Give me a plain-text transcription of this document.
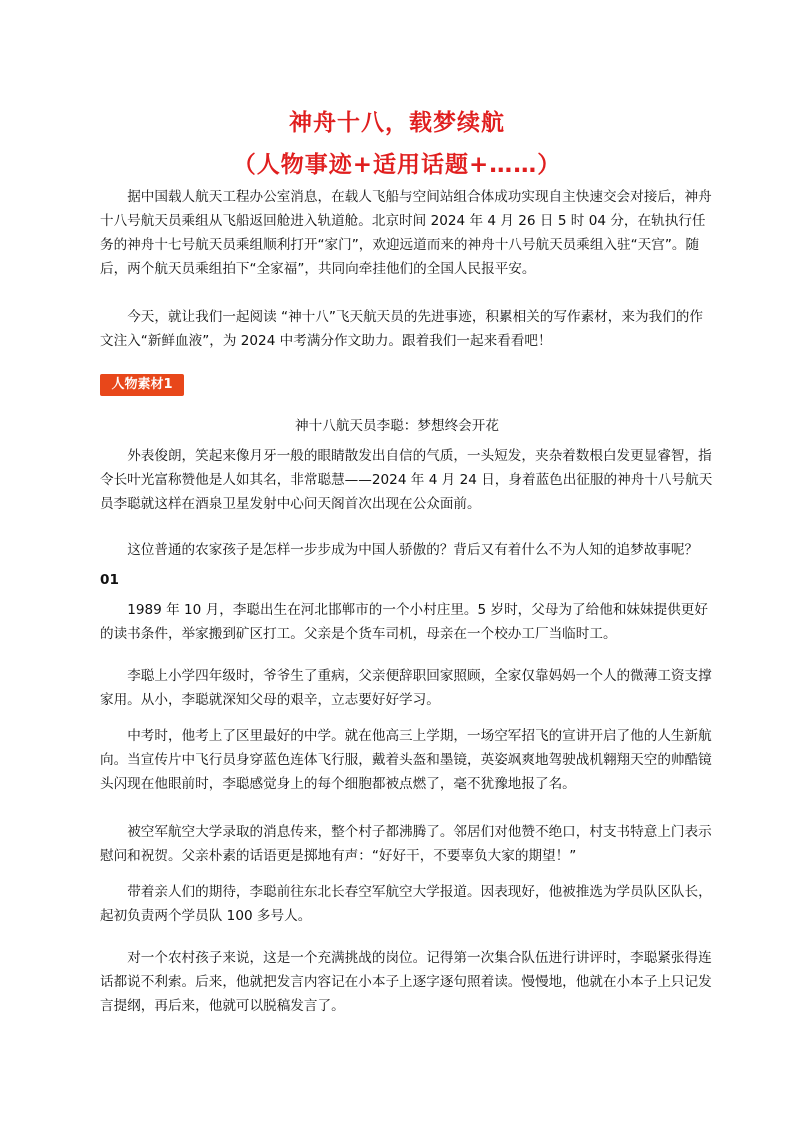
神舟十八，载梦续航
（人物事迹+适用话题+……）

据中国载人航天工程办公室消息，在载人飞船与空间站组合体成功实现自主快速交会对接后，神舟十八号航天员乘组从飞船返回舱进入轨道舱。北京时间 2024 年 4 月 26 日 5 时 04 分，在轨执行任务的神舟十七号航天员乘组顺利打开“家门”，欢迎远道而来的神舟十八号航天员乘组入驻“天宫”。随后，两个航天员乘组拍下“全家福”，共同向牵挂他们的全国人民报平安。

今天，就让我们一起阅读 “神十八”飞天航天员的先进事迹，积累相关的写作素材，来为我们的作文注入“新鲜血液”，为 2024 中考满分作文助力。跟着我们一起来看看吧！

人物素材1
神十八航天员李聪：梦想终会开花

外表俊朗，笑起来像月牙一般的眼睛散发出自信的气质，一头短发，夹杂着数根白发更显睿智，指令长叶光富称赞他是人如其名，非常聪慧——2024 年 4 月 24 日，身着蓝色出征服的神舟十八号航天员李聪就这样在酒泉卫星发射中心问天阁首次出现在公众面前。

这位普通的农家孩子是怎样一步步成为中国人骄傲的？背后又有着什么不为人知的追梦故事呢？

01

1989 年 10 月，李聪出生在河北邯郸市的一个小村庄里。5 岁时，父母为了给他和妹妹提供更好的读书条件，举家搬到矿区打工。父亲是个货车司机，母亲在一个校办工厂当临时工。

李聪上小学四年级时，爷爷生了重病，父亲便辞职回家照顾，全家仅靠妈妈一个人的微薄工资支撑家用。从小，李聪就深知父母的艰辛，立志要好好学习。

中考时，他考上了区里最好的中学。就在他高三上学期，一场空军招飞的宣讲开启了他的人生新航向。当宣传片中飞行员身穿蓝色连体飞行服，戴着头盔和墨镜，英姿飒爽地驾驶战机翱翔天空的帅酷镜头闪现在他眼前时，李聪感觉身上的每个细胞都被点燃了，毫不犹豫地报了名。

被空军航空大学录取的消息传来，整个村子都沸腾了。邻居们对他赞不绝口，村支书特意上门表示慰问和祝贺。父亲朴素的话语更是掷地有声：“好好干，不要辜负大家的期望！”

带着亲人们的期待，李聪前往东北长春空军航空大学报道。因表现好，他被推选为学员队区队长，起初负责两个学员队 100 多号人。

对一个农村孩子来说，这是一个充满挑战的岗位。记得第一次集合队伍进行讲评时，李聪紧张得连话都说不利索。后来，他就把发言内容记在小本子上逐字逐句照着读。慢慢地，他就在小本子上只记发言提纲，再后来，他就可以脱稿发言了。
